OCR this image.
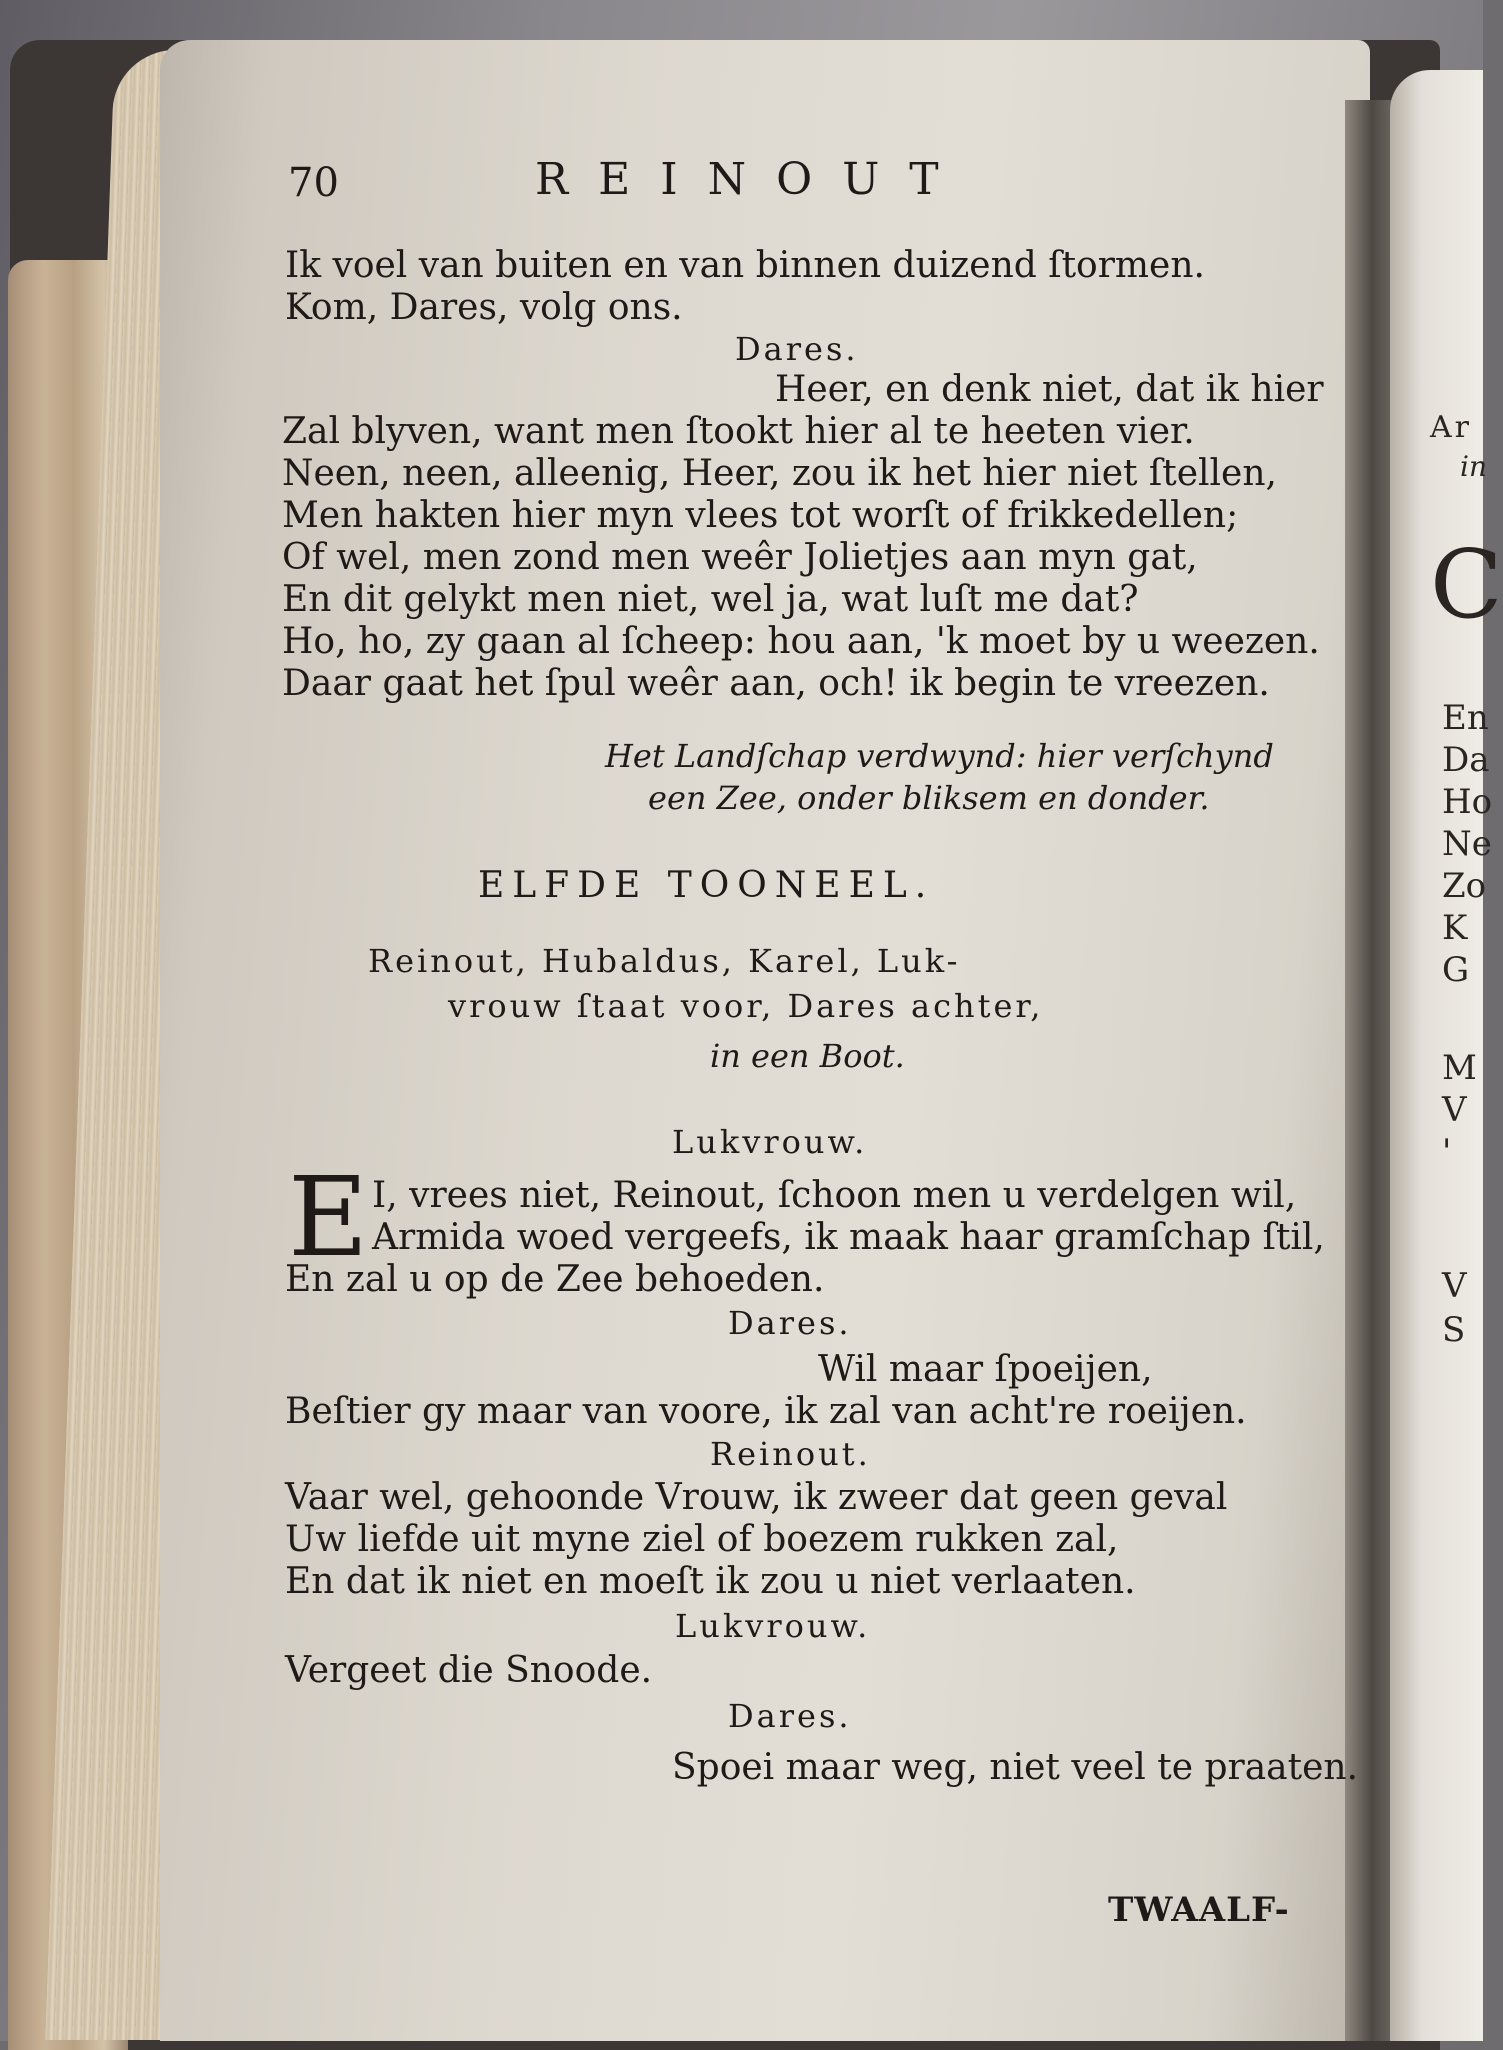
Ar
in
C
En
Da
Ho
Ne
Zo
K
G
M
V
'
V
S
70	REINOUT
Ik voel van buiten en van binnen duizend ſtormen.
Kom, Dares, volg ons.
Dares.
Heer, en denk niet, dat ik hier
Zal blyven, want men ſtookt hier al te heeten vier.
Neen, neen, alleenig, Heer, zou ik het hier niet ſtellen,
Men hakten hier myn vlees tot worſt of frikkedellen;
Of wel, men zond men weêr Jolietjes aan myn gat,
En dit gelykt men niet, wel ja, wat luſt me dat?
Ho, ho, zy gaan al ſcheep: hou aan, 'k moet by u weezen.
Daar gaat het ſpul weêr aan, och! ik begin te vreezen.
Het Landſchap verdwynd: hier verſchynd
een Zee, onder bliksem en donder.
ELFDE TOONEEL.
Reinout, Hubaldus, Karel, Luk-
vrouw ſtaat voor, Dares achter,
in een Boot.
Lukvrouw.
E I, vrees niet, Reinout, ſchoon men u verdelgen wil,
Armida woed vergeefs, ik maak haar gramſchap ſtil,
En zal u op de Zee behoeden.
Dares.
Wil maar ſpoeijen,
Beſtier gy maar van voore, ik zal van acht're roeijen.
Reinout.
Vaar wel, gehoonde Vrouw, ik zweer dat geen geval
Uw liefde uit myne ziel of boezem rukken zal,
En dat ik niet en moeſt ik zou u niet verlaaten.
Lukvrouw.
Vergeet die Snoode.
Dares.
Spoei maar weg, niet veel te praaten.
TWAALF-
